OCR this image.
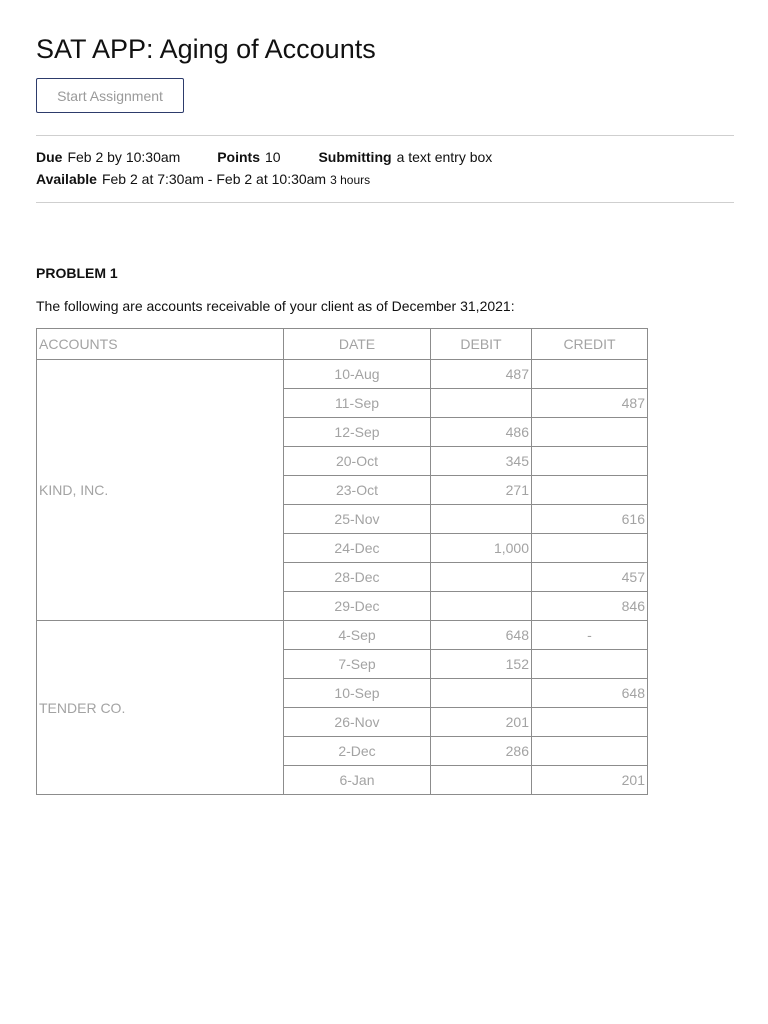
SAT APP: Aging of Accounts
Start Assignment
Due Feb 2 by 10:30am	Points 10	Submitting a text entry box
Available Feb 2 at 7:30am - Feb 2 at 10:30am 3 hours
PROBLEM 1

The following are accounts receivable of your client as of December 31,2021:

ACCOUNTS	DATE	DEBIT	CREDIT
KIND, INC.	10-Aug	487	
	11-Sep		487
	12-Sep	486	
	20-Oct	345	
	23-Oct	271	
	25-Nov		616
	24-Dec	1,000	
	28-Dec		457
	29-Dec		846
TENDER CO.	4-Sep	648	-
	7-Sep	152	
	10-Sep		648
	26-Nov	201	
	2-Dec	286	
	6-Jan		201
